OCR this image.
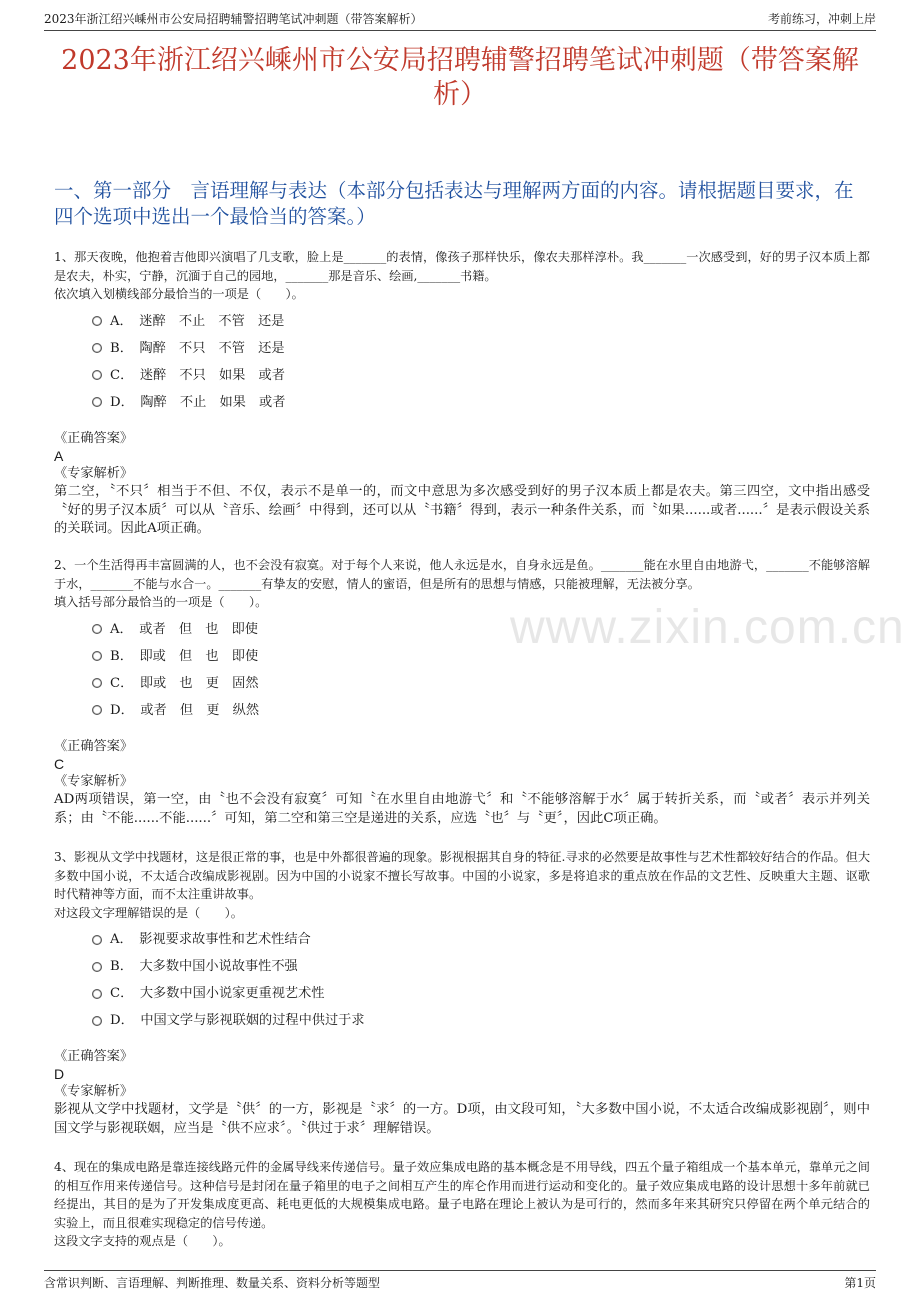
2023年浙江绍兴嵊州市公安局招聘辅警招聘笔试冲刺题（带答案解析）	考前练习，冲刺上岸
2023年浙江绍兴嵊州市公安局招聘辅警招聘笔试冲刺题（带答案解析）
一、第一部分　言语理解与表达（本部分包括表达与理解两方面的内容。请根据题目要求，在四个选项中选出一个最恰当的答案。）
www.zixin.com.cn
1、那天夜晚，他抱着吉他即兴演唱了几支歌，脸上是_______的表情，像孩子那样快乐，像农夫那样淳朴。我_______一次感受到，好的男子汉本质上都是农夫，朴实，宁静，沉湎于自己的园地，_______那是音乐、绘画,_______书籍。
依次填入划横线部分最恰当的一项是（　　）。
A．　迷醉　不止　不管　还是
B．　陶醉　不只　不管　还是
C．　迷醉　不只　如果　或者
D．　陶醉　不止　如果　或者
《正确答案》
A
《专家解析》
第二空，〝不只〞相当于不但、不仅，表示不是单一的，而文中意思为多次感受到好的男子汉本质上都是农夫。第三四空，文中指出感受〝好的男子汉本质〞可以从〝音乐、绘画〞中得到，还可以从〝书籍〞得到，表示一种条件关系，而〝如果......或者......〞是表示假设关系的关联词。因此A项正确。
2、一个生活得再丰富圆满的人，也不会没有寂寞。对于每个人来说，他人永远是水，自身永远是鱼。_______能在水里自由地游弋，_______不能够溶解于水，_______不能与水合一。_______有挚友的安慰，情人的蜜语，但是所有的思想与情感，只能被理解，无法被分享。
填入括号部分最恰当的一项是（　　）。
A．　或者　但　也　即使
B．　即或　但　也　即使
C．　即或　也　更　固然
D．　或者　但　更　纵然
《正确答案》
C
《专家解析》
AD两项错误，第一空，由〝也不会没有寂寞〞可知〝在水里自由地游弋〞和〝不能够溶解于水〞属于转折关系，而〝或者〞表示并列关系；由〝不能......不能......〞可知，第二空和第三空是递进的关系，应选〝也〞与〝更〞，因此C项正确。
3、影视从文学中找题材，这是很正常的事，也是中外都很普遍的现象。影视根据其自身的特征.寻求的必然要是故事性与艺术性都较好结合的作品。但大多数中国小说，不太适合改编成影视剧。因为中国的小说家不擅长写故事。中国的小说家，多是将追求的重点放在作品的文艺性、反映重大主题、讴歌时代精神等方面，而不太注重讲故事。
对这段文字理解错误的是（　　）。
A．　影视要求故事性和艺术性结合
B．　大多数中国小说故事性不强
C．　大多数中国小说家更重视艺术性
D．　中国文学与影视联姻的过程中供过于求
《正确答案》
D
《专家解析》
影视从文学中找题材，文学是〝供〞的一方，影视是〝求〞的一方。D项，由文段可知，〝大多数中国小说，不太适合改编成影视剧〞，则中国文学与影视联姻，应当是〝供不应求〞。〝供过于求〞理解错误。
4、现在的集成电路是靠连接线路元件的金属导线来传递信号。量子效应集成电路的基本概念是不用导线，四五个量子箱组成一个基本单元，靠单元之间的相互作用来传递信号。这种信号是封闭在量子箱里的电子之间相互产生的库仑作用而进行运动和变化的。量子效应集成电路的设计思想十多年前就已经提出，其目的是为了开发集成度更高、耗电更低的大规模集成电路。量子电路在理论上被认为是可行的，然而多年来其研究只停留在两个单元结合的实验上，而且很难实现稳定的信号传递。
这段文字支持的观点是（　　）。
含常识判断、言语理解、判断推理、数量关系、资料分析等题型	第1页
